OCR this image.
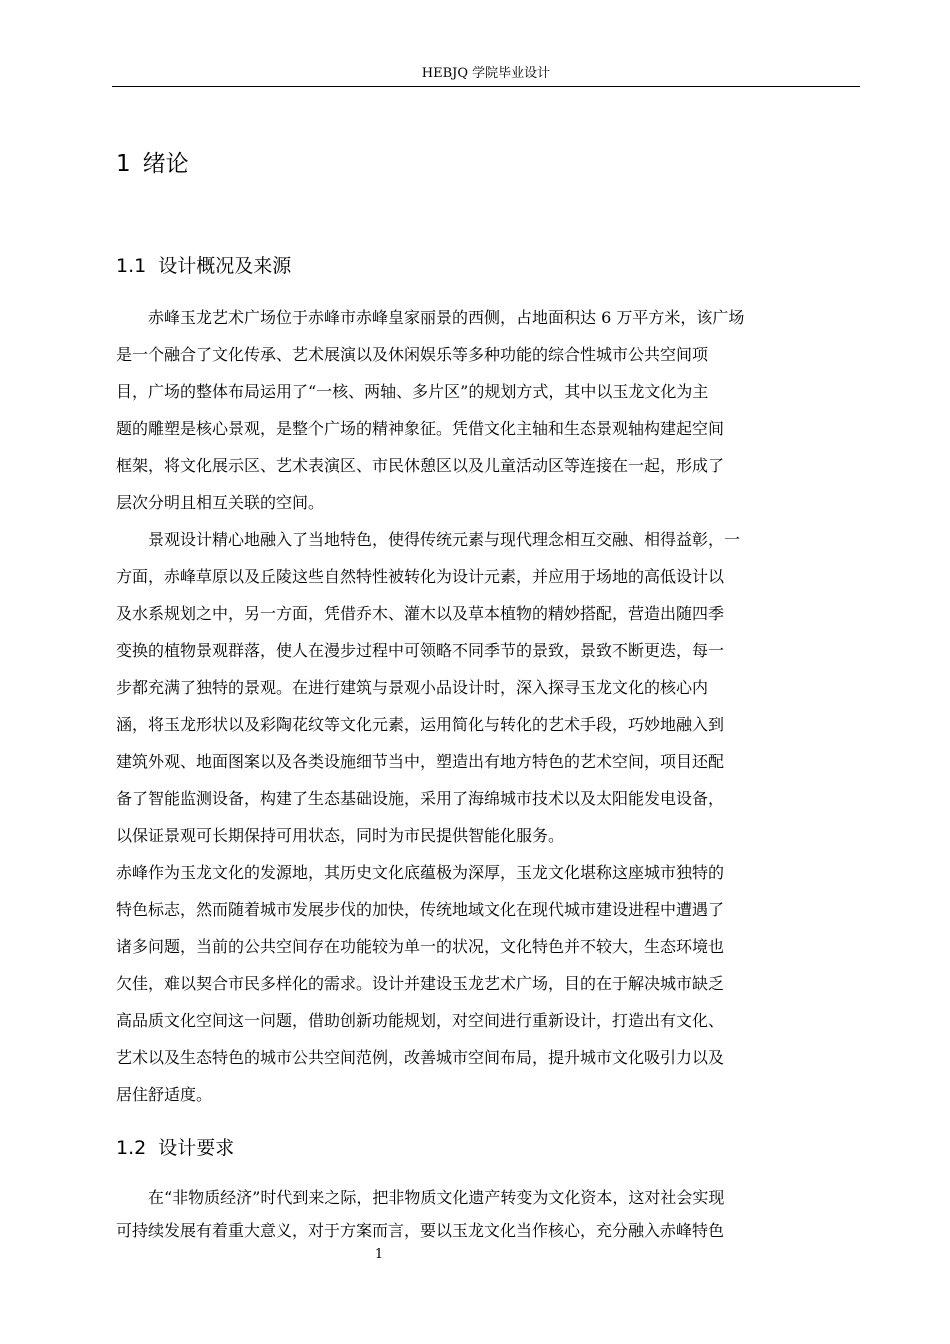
HEBJQ 学院毕业设计
1 绪论
1.1 设计概况及来源
赤峰玉龙艺术广场位于赤峰市赤峰皇家丽景的西侧，占地面积达 6 万平方米，该广场
是一个融合了文化传承、艺术展演以及休闲娱乐等多种功能的综合性城市公共空间项
目，广场的整体布局运用了“一核、两轴、多片区”的规划方式，其中以玉龙文化为主
题的雕塑是核心景观，是整个广场的精神象征。凭借文化主轴和生态景观轴构建起空间
框架，将文化展示区、艺术表演区、市民休憩区以及儿童活动区等连接在一起，形成了
层次分明且相互关联的空间。
景观设计精心地融入了当地特色，使得传统元素与现代理念相互交融、相得益彰，一
方面，赤峰草原以及丘陵这些自然特性被转化为设计元素，并应用于场地的高低设计以
及水系规划之中，另一方面，凭借乔木、灌木以及草本植物的精妙搭配，营造出随四季
变换的植物景观群落，使人在漫步过程中可领略不同季节的景致，景致不断更迭，每一
步都充满了独特的景观。在进行建筑与景观小品设计时，深入探寻玉龙文化的核心内
涵，将玉龙形状以及彩陶花纹等文化元素，运用简化与转化的艺术手段，巧妙地融入到
建筑外观、地面图案以及各类设施细节当中，塑造出有地方特色的艺术空间，项目还配
备了智能监测设备，构建了生态基础设施，采用了海绵城市技术以及太阳能发电设备，
以保证景观可长期保持可用状态，同时为市民提供智能化服务。
赤峰作为玉龙文化的发源地，其历史文化底蕴极为深厚，玉龙文化堪称这座城市独特的
特色标志，然而随着城市发展步伐的加快，传统地域文化在现代城市建设进程中遭遇了
诸多问题，当前的公共空间存在功能较为单一的状况，文化特色并不较大，生态环境也
欠佳，难以契合市民多样化的需求。设计并建设玉龙艺术广场，目的在于解决城市缺乏
高品质文化空间这一问题，借助创新功能规划，对空间进行重新设计，打造出有文化、
艺术以及生态特色的城市公共空间范例，改善城市空间布局，提升城市文化吸引力以及
居住舒适度。
1.2 设计要求
在“非物质经济”时代到来之际，把非物质文化遗产转变为文化资本，这对社会实现
可持续发展有着重大意义，对于方案而言，要以玉龙文化当作核心，充分融入赤峰特色
1
